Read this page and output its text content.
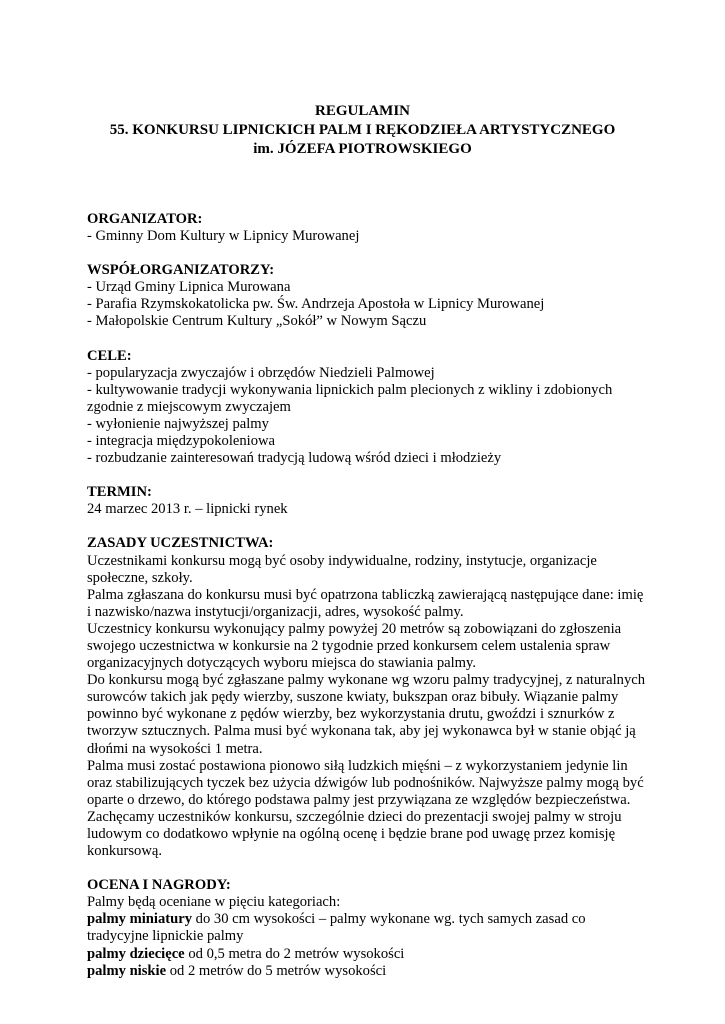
REGULAMIN
55. KONKURSU LIPNICKICH PALM I RĘKODZIEŁA ARTYSTYCZNEGO
im. JÓZEFA PIOTROWSKIEGO
ORGANIZATOR:
- Gminny Dom Kultury w Lipnicy Murowanej
WSPÓŁORGANIZATORZY:
- Urząd Gminy Lipnica Murowana
- Parafia Rzymskokatolicka pw. Św. Andrzeja Apostoła w Lipnicy Murowanej
- Małopolskie Centrum Kultury „Sokół” w Nowym Sączu
CELE:
- popularyzacja zwyczajów i obrzędów Niedzieli Palmowej
- kultywowanie tradycji wykonywania lipnickich palm plecionych z wikliny i zdobionych zgodnie z miejscowym zwyczajem
- wyłonienie najwyższej palmy
- integracja międzypokoleniowa
- rozbudzanie zainteresowań tradycją ludową wśród dzieci i młodzieży
TERMIN:
24 marzec 2013 r. – lipnicki rynek
ZASADY UCZESTNICTWA:
Uczestnikami konkursu mogą być osoby indywidualne, rodziny, instytucje, organizacje społeczne, szkoły.
Palma zgłaszana do konkursu musi być opatrzona tabliczką zawierającą następujące dane: imię i nazwisko/nazwa instytucji/organizacji, adres, wysokość palmy.
Uczestnicy konkursu wykonujący palmy powyżej 20 metrów są zobowiązani do zgłoszenia swojego uczestnictwa w konkursie na 2 tygodnie przed konkursem celem ustalenia spraw organizacyjnych dotyczących wyboru miejsca do stawiania palmy.
Do konkursu mogą być zgłaszane palmy wykonane wg wzoru palmy tradycyjnej, z naturalnych surowców takich jak pędy wierzby, suszone kwiaty, bukszpan oraz bibuły. Wiązanie palmy powinno być wykonane z pędów wierzby, bez wykorzystania drutu, gwoździ i sznurków z tworzyw sztucznych. Palma musi być wykonana tak, aby jej wykonawca był w stanie objąć ją dłońmi na wysokości 1 metra.
Palma musi zostać postawiona pionowo siłą ludzkich mięśni – z wykorzystaniem jedynie lin oraz stabilizujących tyczek bez użycia dźwigów lub podnośników. Najwyższe palmy mogą być oparte o drzewo, do którego podstawa palmy jest przywiązana ze względów bezpieczeństwa.
Zachęcamy uczestników konkursu, szczególnie dzieci do prezentacji swojej palmy w stroju ludowym co dodatkowo wpłynie na ogólną ocenę i będzie brane pod uwagę przez komisję konkursową.
OCENA I NAGRODY:
Palmy będą oceniane w pięciu kategoriach:
palmy miniatury do 30 cm wysokości – palmy wykonane wg. tych samych zasad co tradycyjne lipnickie palmy
palmy dziecięce od 0,5 metra do 2 metrów wysokości
palmy niskie od 2 metrów do 5 metrów wysokości
